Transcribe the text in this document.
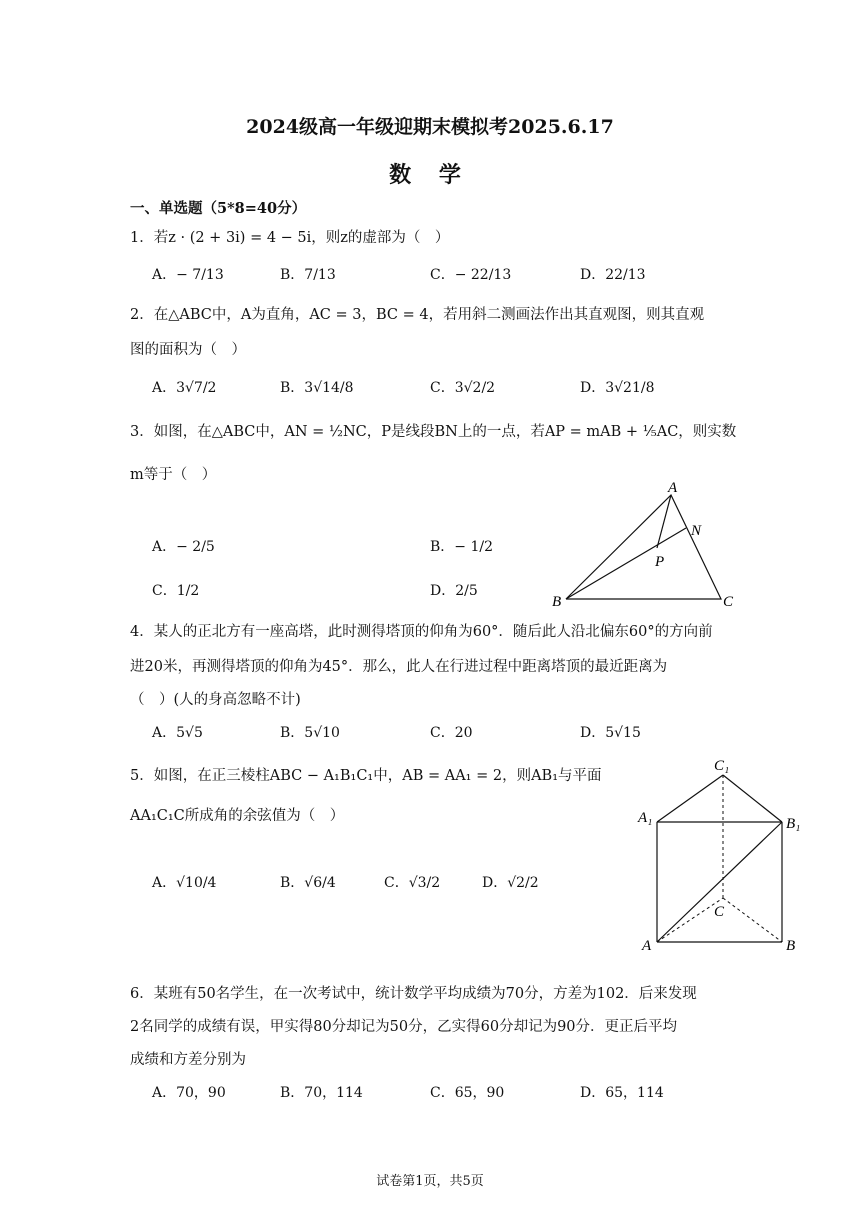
2024级高一年级迎期末模拟考2025.6.17
数 学
一、单选题（5*8=40分）
1．若z · (2 + 3i) = 4 − 5i，则z的虚部为（　）
A．− 7/13	B．7/13	C．− 22/13	D．22/13
2．在△ABC中，A为直角，AC = 3，BC = 4，若用斜二测画法作出其直观图，则其直观
图的面积为（　）
A．3√7/2	B．3√14/8	C．3√2/2	D．3√21/8
3．如图，在△ABC中，AN = ½NC，P是线段BN上的一点，若AP = mAB + ⅕AC，则实数
m等于（　）
A．− 2/5	B．− 1/2
C．1/2	D．2/5
A
N
P
B	C
4．某人的正北方有一座高塔，此时测得塔顶的仰角为60°．随后此人沿北偏东60°的方向前
进20米，再测得塔顶的仰角为45°．那么，此人在行进过程中距离塔顶的最近距离为
（　）(人的身高忽略不计)
A．5√5	B．5√10	C．20	D．5√15
5．如图，在正三棱柱ABC − A₁B₁C₁中，AB = AA₁ = 2，则AB₁与平面
AA₁C₁C所成角的余弦值为（　）
A．√10/4	B．√6/4	C．√3/2	D．√2/2
C₁
A₁	B₁
C
A	B
6．某班有50名学生，在一次考试中，统计数学平均成绩为70分，方差为102．后来发现
2名同学的成绩有误，甲实得80分却记为50分，乙实得60分却记为90分．更正后平均
成绩和方差分别为
A．70，90	B．70，114	C．65，90	D．65，114
试卷第1页，共5页
